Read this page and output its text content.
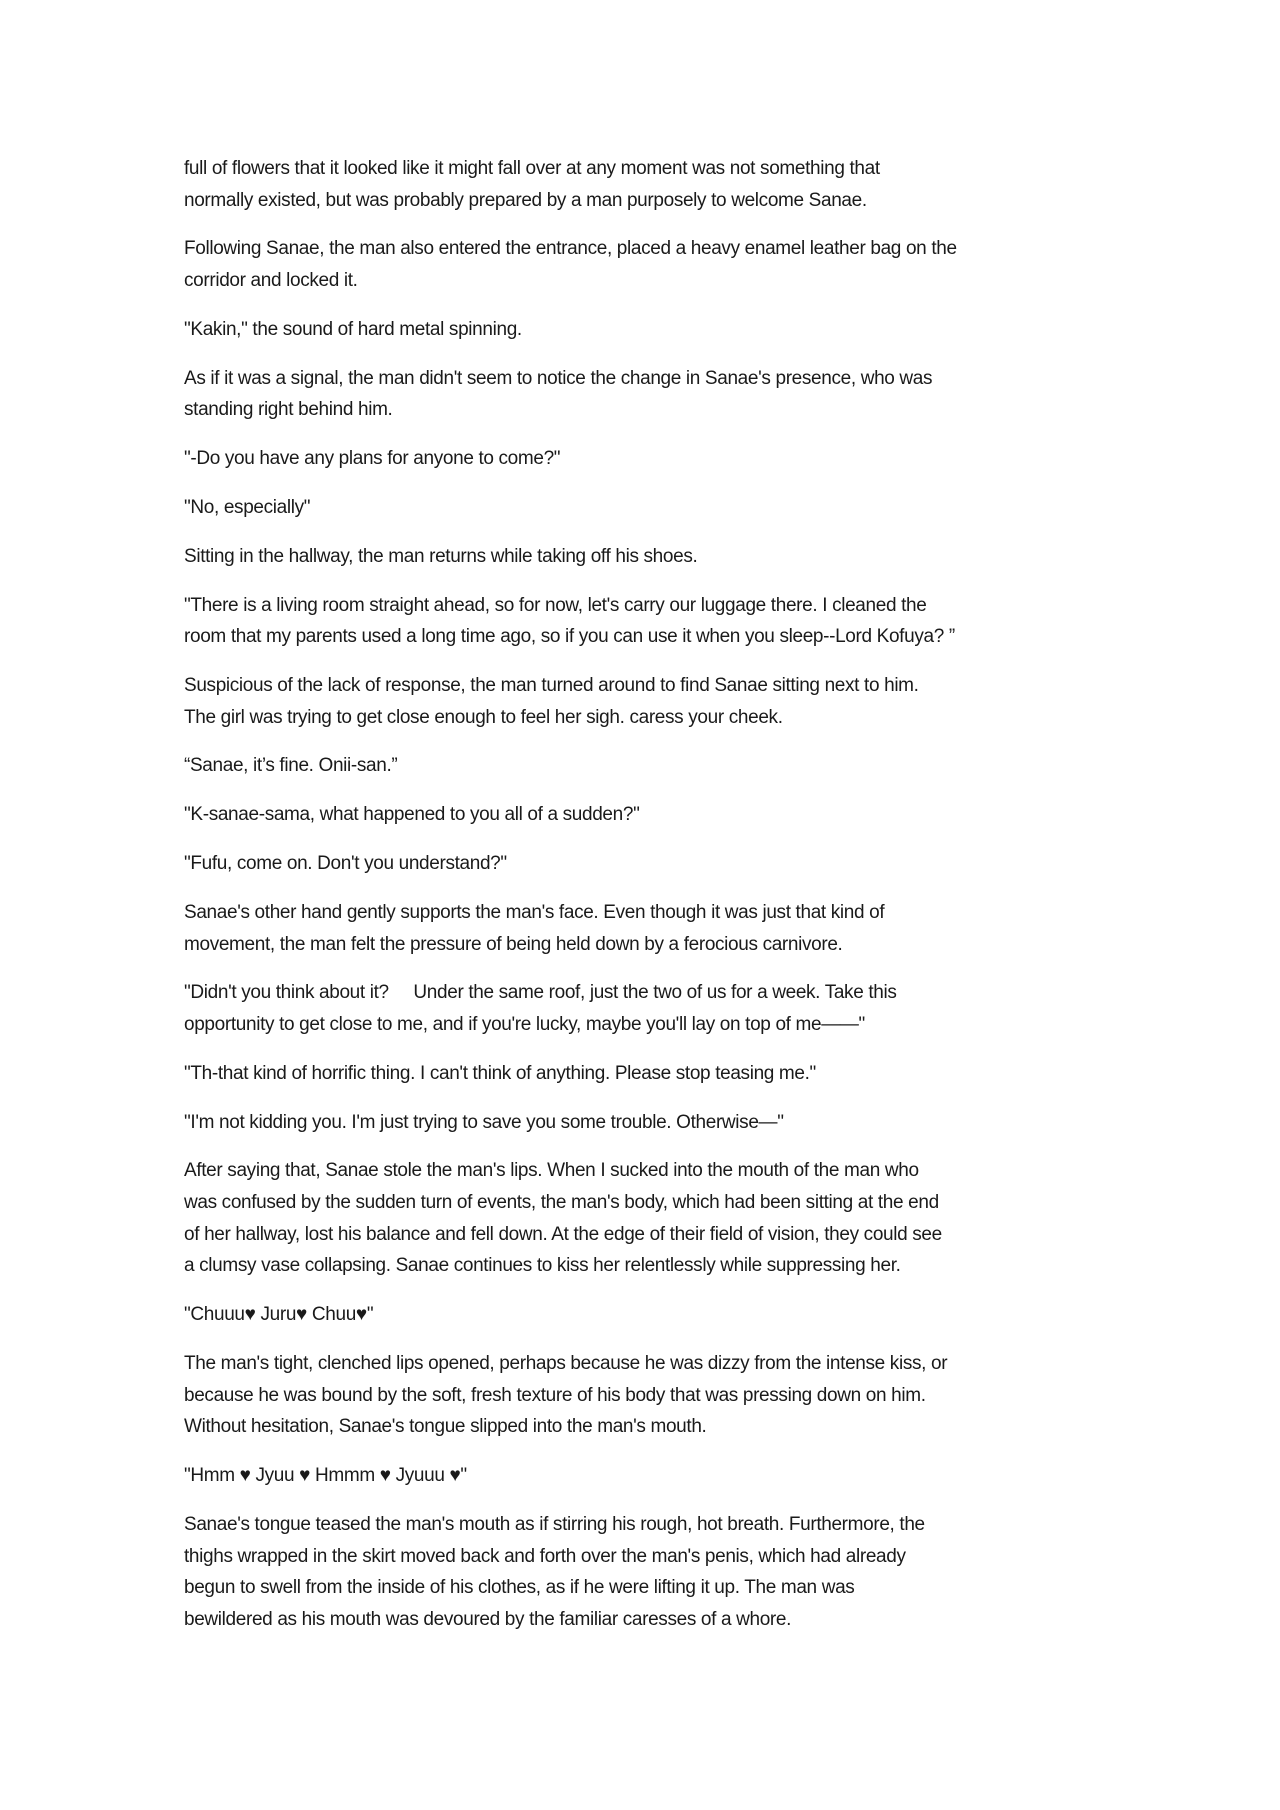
full of flowers that it looked like it might fall over at any moment was not something that
normally existed, but was probably prepared by a man purposely to welcome Sanae.

Following Sanae, the man also entered the entrance, placed a heavy enamel leather bag on the
corridor and locked it.

"Kakin," the sound of hard metal spinning.

As if it was a signal, the man didn't seem to notice the change in Sanae's presence, who was
standing right behind him.

"-Do you have any plans for anyone to come?"

"No, especially"

Sitting in the hallway, the man returns while taking off his shoes.

"There is a living room straight ahead, so for now, let's carry our luggage there. I cleaned the
room that my parents used a long time ago, so if you can use it when you sleep--Lord Kofuya? ”

Suspicious of the lack of response, the man turned around to find Sanae sitting next to him.
The girl was trying to get close enough to feel her sigh. caress your cheek.

“Sanae, it’s fine. Onii-san.”

"K-sanae-sama, what happened to you all of a sudden?"

"Fufu, come on. Don't you understand?"

Sanae's other hand gently supports the man's face. Even though it was just that kind of
movement, the man felt the pressure of being held down by a ferocious carnivore.

"Didn't you think about it?     Under the same roof, just the two of us for a week. Take this
opportunity to get close to me, and if you're lucky, maybe you'll lay on top of me——"

"Th-that kind of horrific thing. I can't think of anything. Please stop teasing me."

"I'm not kidding you. I'm just trying to save you some trouble. Otherwise—"

After saying that, Sanae stole the man's lips. When I sucked into the mouth of the man who
was confused by the sudden turn of events, the man's body, which had been sitting at the end
of her hallway, lost his balance and fell down. At the edge of their field of vision, they could see
a clumsy vase collapsing. Sanae continues to kiss her relentlessly while suppressing her.

"Chuuu♥ Juru♥ Chuu♥"

The man's tight, clenched lips opened, perhaps because he was dizzy from the intense kiss, or
because he was bound by the soft, fresh texture of his body that was pressing down on him.
Without hesitation, Sanae's tongue slipped into the man's mouth.

"Hmm ♥ Jyuu ♥ Hmmm ♥ Jyuuu ♥"

Sanae's tongue teased the man's mouth as if stirring his rough, hot breath. Furthermore, the
thighs wrapped in the skirt moved back and forth over the man's penis, which had already
begun to swell from the inside of his clothes, as if he were lifting it up. The man was
bewildered as his mouth was devoured by the familiar caresses of a whore.
